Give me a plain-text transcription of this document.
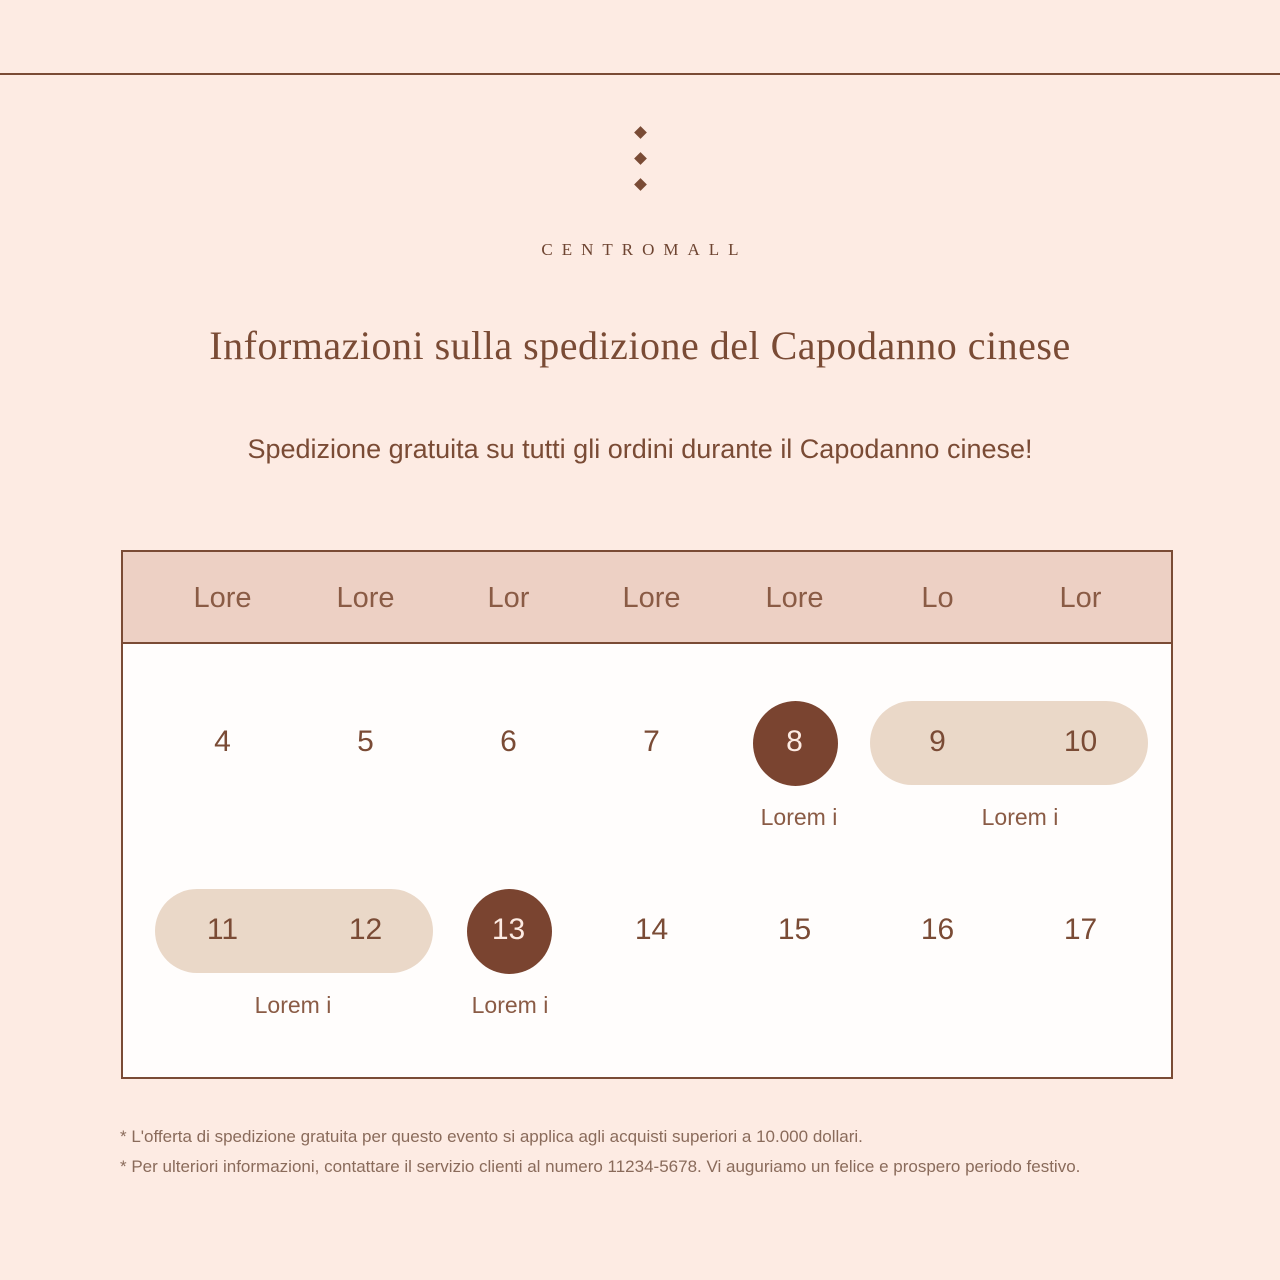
CENTROMALL
Informazioni sulla spedizione del Capodanno cinese
Spedizione gratuita su tutti gli ordini durante il Capodanno cinese!
Lore	Lore	Lor	Lore	Lore	Lo	Lor
4	5	6	7	8	9	10
Lorem i	Lorem i
11	12	13	14	15	16	17
Lorem i	Lorem i
* L'offerta di spedizione gratuita per questo evento si applica agli acquisti superiori a 10.000 dollari.
* Per ulteriori informazioni, contattare il servizio clienti al numero 11234-5678. Vi auguriamo un felice e prospero periodo festivo.
